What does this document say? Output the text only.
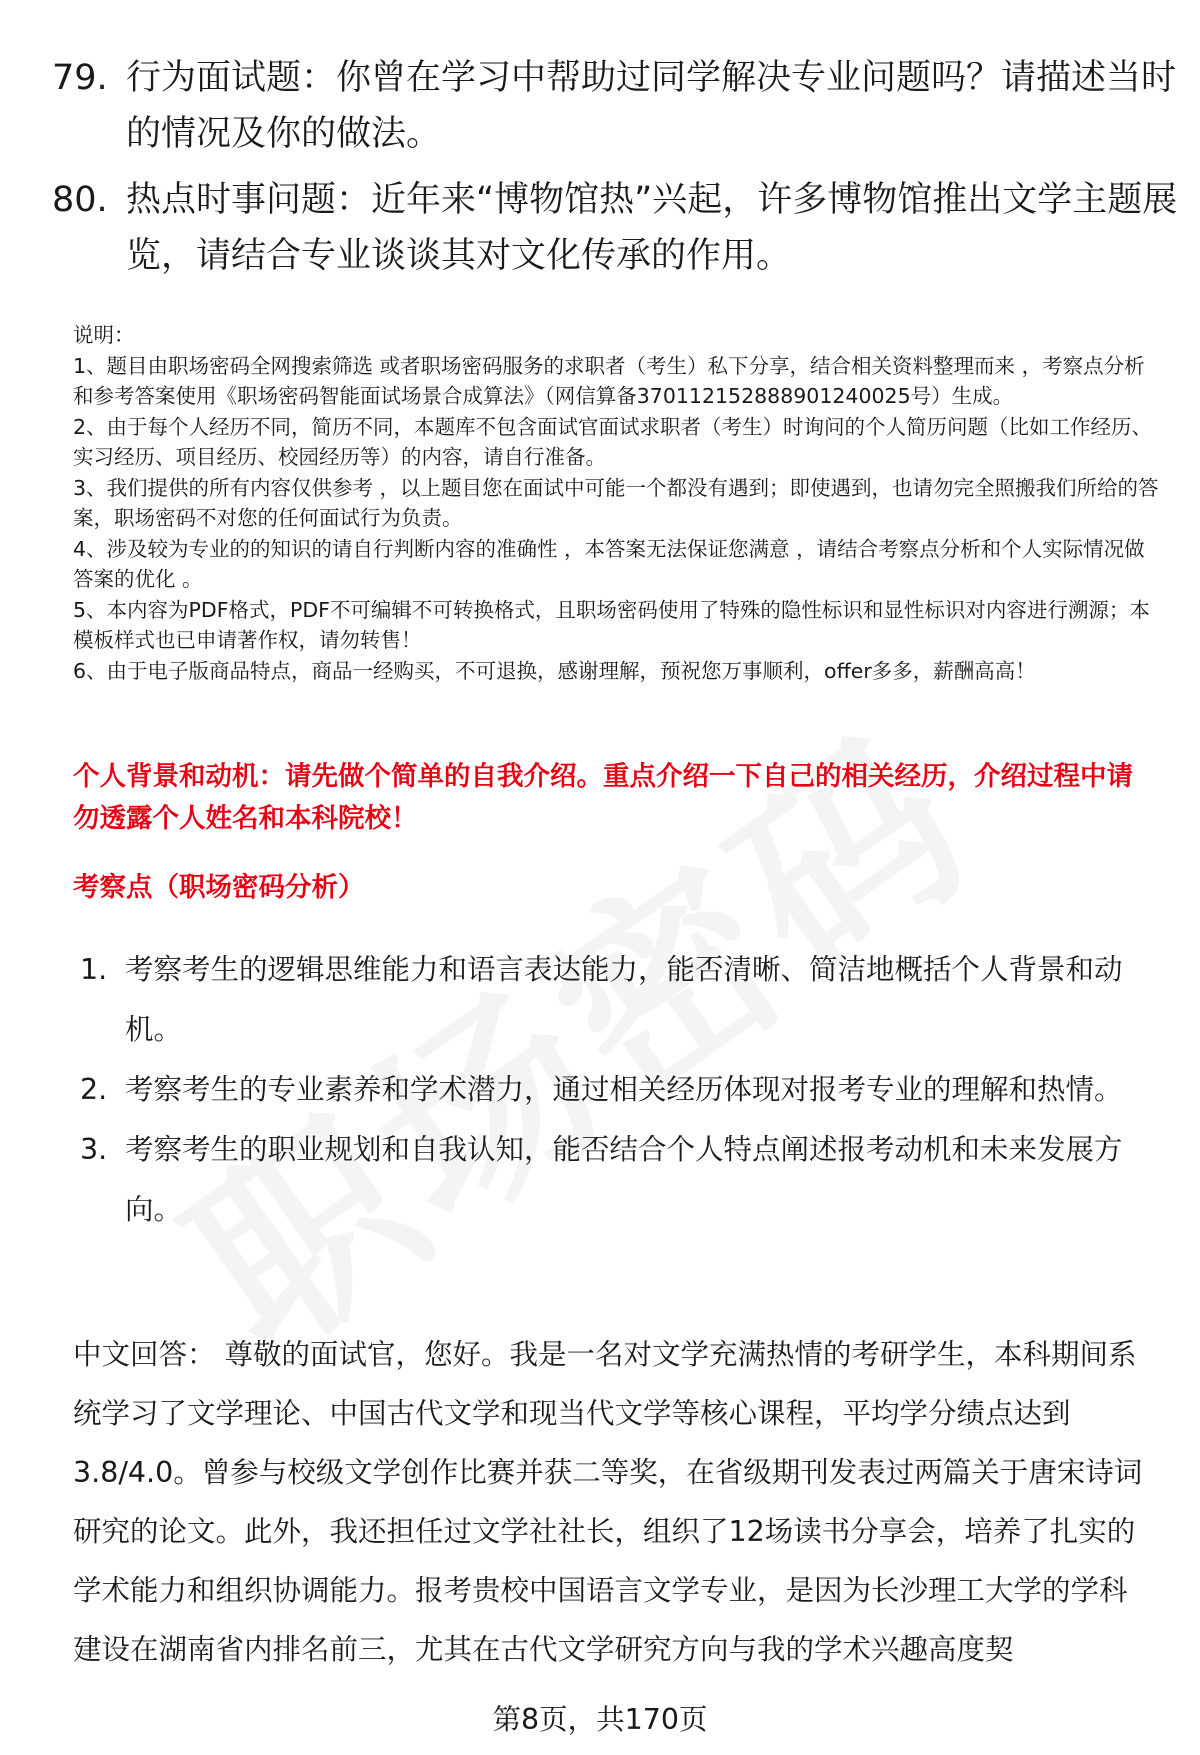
79. 行为面试题：你曾在学习中帮助过同学解决专业问题吗？请描述当时的情况及你的做法。
80. 热点时事问题：近年来“博物馆热”兴起，许多博物馆推出文学主题展览，请结合专业谈谈其对文化传承的作用。

说明：

1、题目由职场密码全网搜索筛选 或者职场密码服务的求职者（考生）私下分享，结合相关资料整理而来 ，考察点分析和参考答案使用《职场密码智能面试场景合成算法》（网信算备370112152888901240025号）生成。

2、由于每个人经历不同，简历不同，本题库不包含面试官面试求职者（考生）时询问的个人简历问题（比如工作经历、实习经历、项目经历、校园经历等）的内容，请自行准备。

3、我们提供的所有内容仅供参考 ，以上题目您在面试中可能一个都没有遇到；即使遇到，也请勿完全照搬我们所给的答案，职场密码不对您的任何面试行为负责。

4、涉及较为专业的的知识的请自行判断内容的准确性 ，本答案无法保证您满意 ，请结合考察点分析和个人实际情况做答案的优化 。

5、本内容为PDF格式，PDF不可编辑不可转换格式，且职场密码使用了特殊的隐性标识和显性标识对内容进行溯源；本模板样式也已申请著作权，请勿转售！

6、由于电子版商品特点，商品一经购买，不可退换，感谢理解，预祝您万事顺利，offer多多，薪酬高高！

个人背景和动机：请先做个简单的自我介绍。重点介绍一下自己的相关经历，介绍过程中请勿透露个人姓名和本科院校！
考察点（职场密码分析）
1. 考察考生的逻辑思维能力和语言表达能力，能否清晰、简洁地概括个人背景和动机。
2. 考察考生的专业素养和学术潜力，通过相关经历体现对报考专业的理解和热情。
3. 考察考生的职业规划和自我认知，能否结合个人特点阐述报考动机和未来发展方向。
中文回答： 尊敬的面试官，您好。我是一名对文学充满热情的考研学生，本科期间系统学习了文学理论、中国古代文学和现当代文学等核心课程，平均学分绩点达到3.8/4.0。曾参与校级文学创作比赛并获二等奖，在省级期刊发表过两篇关于唐宋诗词研究的论文。此外，我还担任过文学社社长，组织了12场读书分享会，培养了扎实的学术能力和组织协调能力。报考贵校中国语言文学专业，是因为长沙理工大学的学科建设在湖南省内排名前三，尤其在古代文学研究方向与我的学术兴趣高度契
第8页，共170页
